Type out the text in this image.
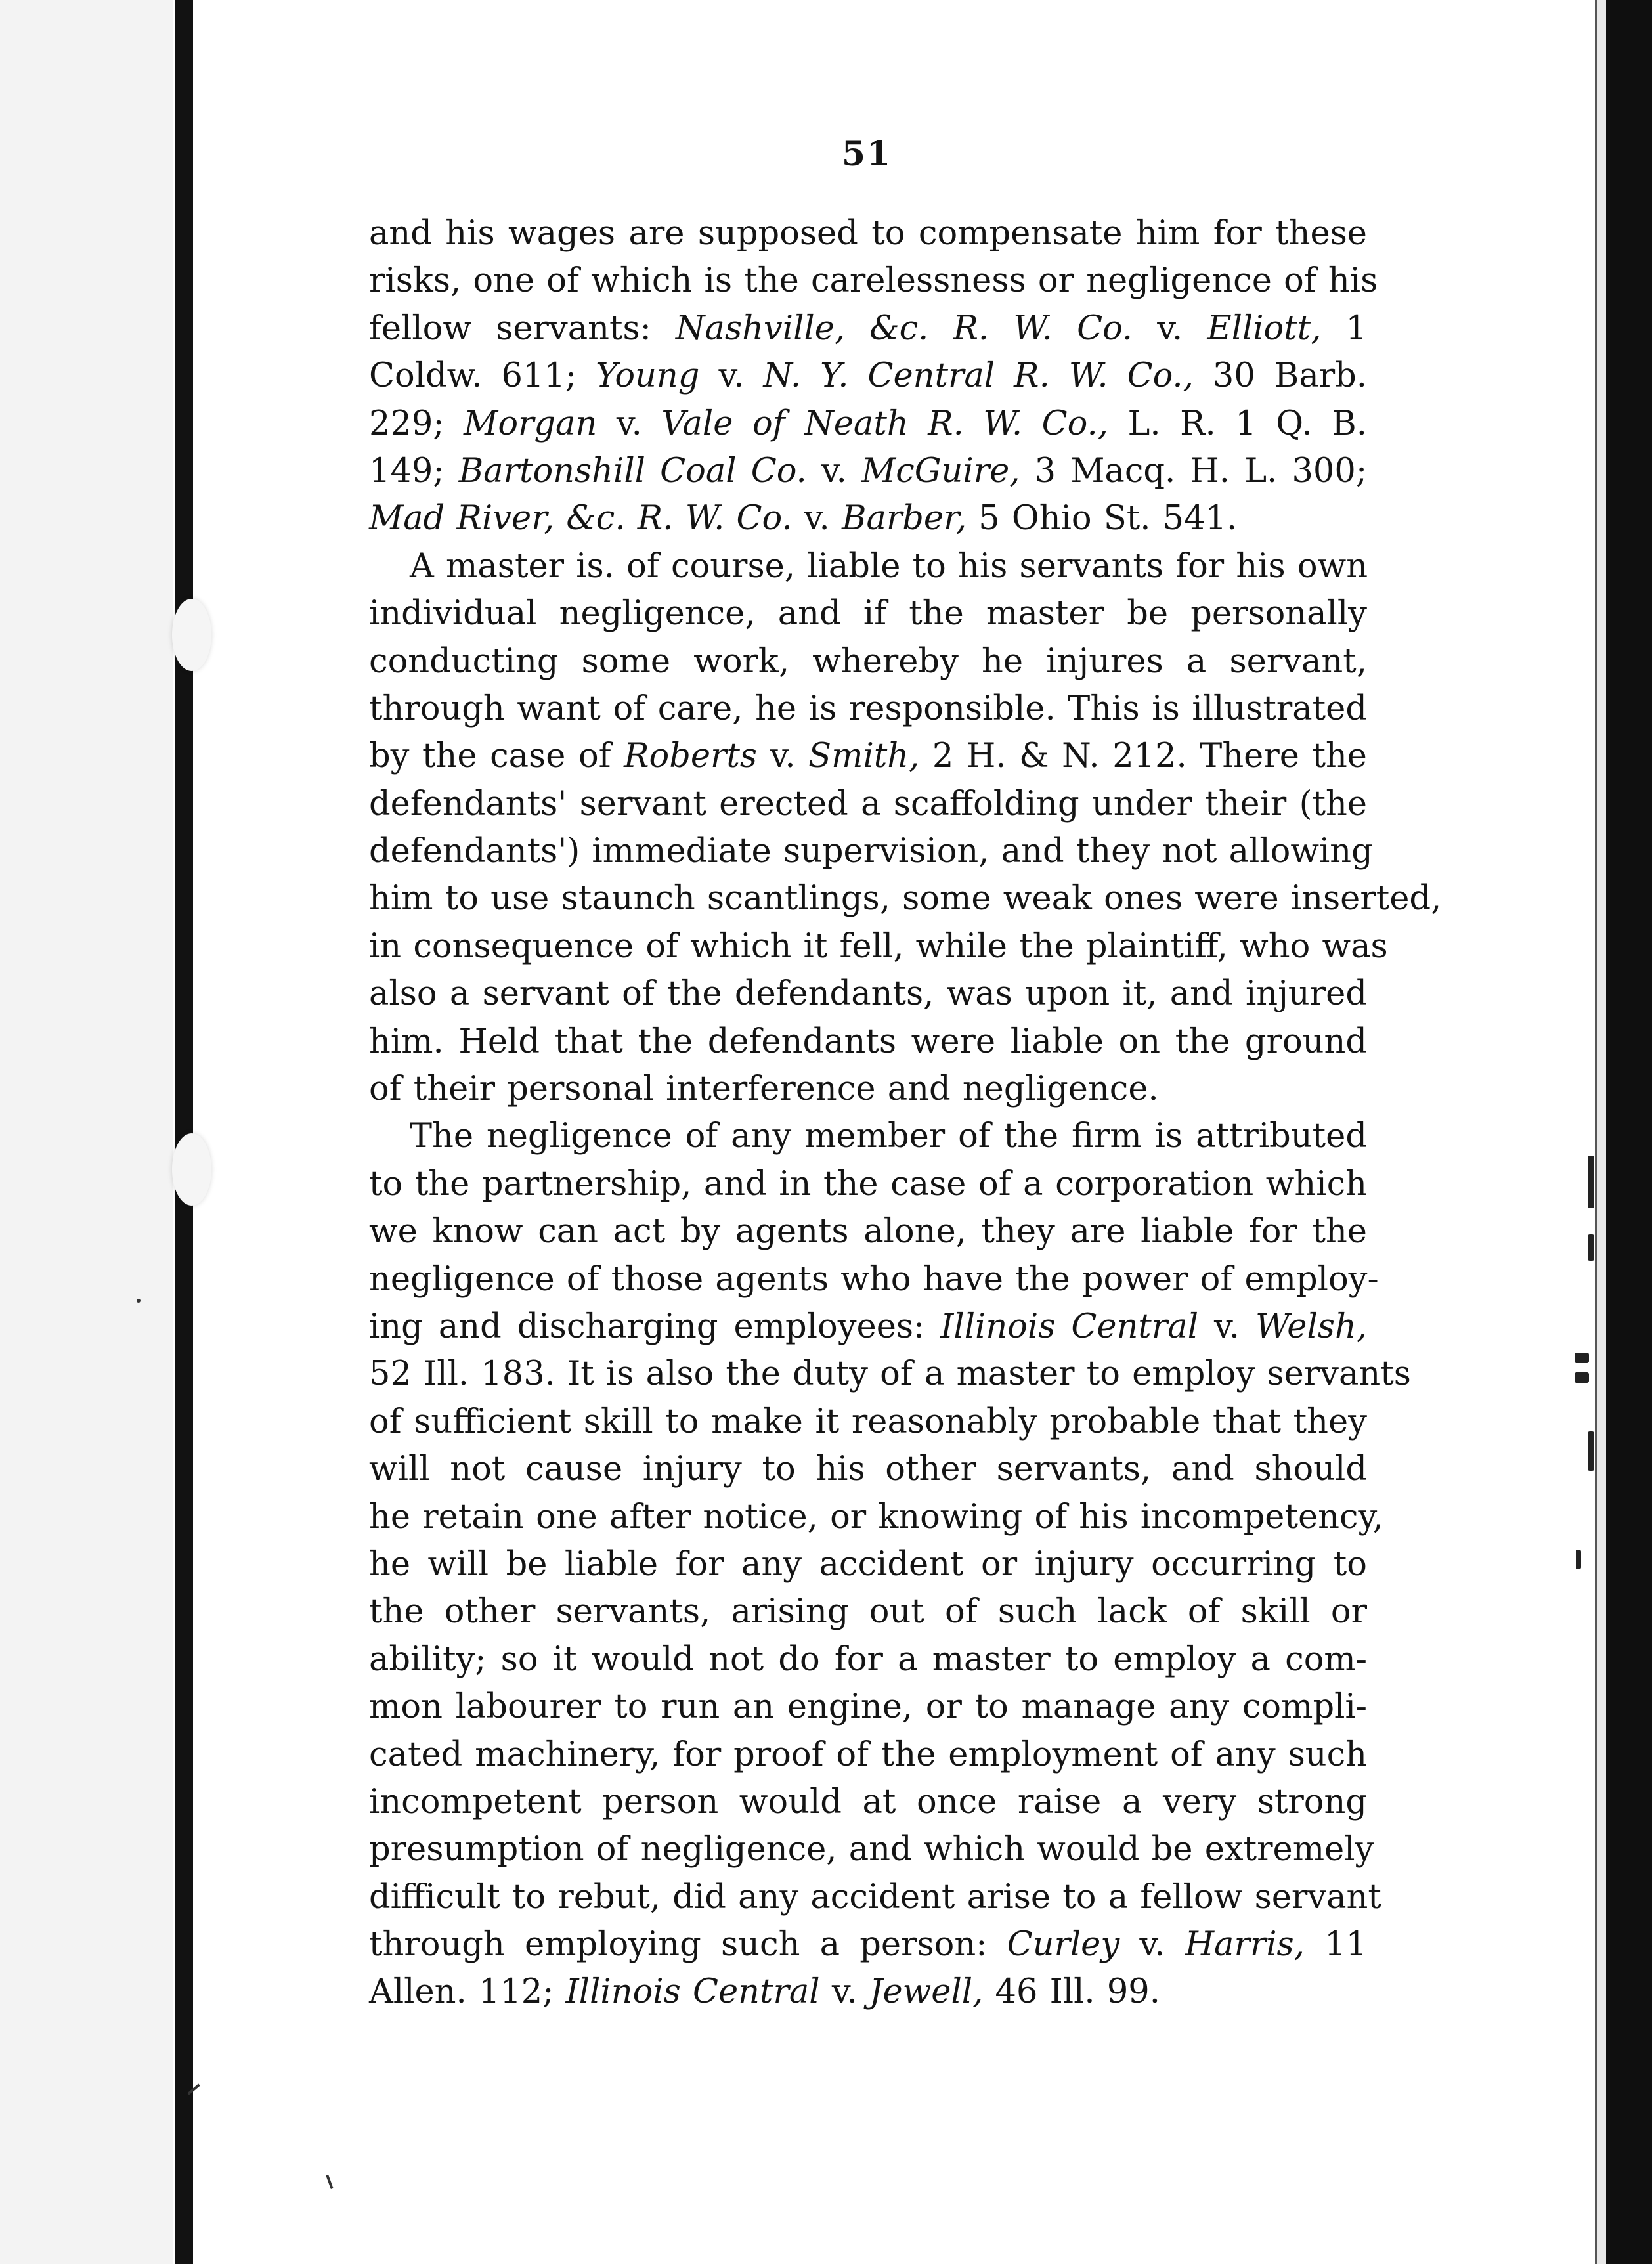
51
and his wages are supposed to compensate him for these
risks, one of which is the carelessness or negligence of his
fellow servants: Nashville, &c. R. W. Co. v. Elliott, 1
Coldw. 611; Young v. N. Y. Central R. W. Co., 30 Barb.
229; Morgan v. Vale of Neath R. W. Co., L. R. 1 Q. B.
149; Bartonshill Coal Co. v. McGuire, 3 Macq. H. L. 300;
Mad River, &c. R. W. Co. v. Barber, 5 Ohio St. 541.
A master is. of course, liable to his servants for his own
individual negligence, and if the master be personally
conducting some work, whereby he injures a servant,
through want of care, he is responsible. This is illustrated
by the case of Roberts v. Smith, 2 H. & N. 212. There the
defendants' servant erected a scaffolding under their (the
defendants') immediate supervision, and they not allowing
him to use staunch scantlings, some weak ones were inserted,
in consequence of which it fell, while the plaintiff, who was
also a servant of the defendants, was upon it, and injured
him. Held that the defendants were liable on the ground
of their personal interference and negligence.
The negligence of any member of the firm is attributed
to the partnership, and in the case of a corporation which
we know can act by agents alone, they are liable for the
negligence of those agents who have the power of employ-
ing and discharging employees: Illinois Central v. Welsh,
52 Ill. 183. It is also the duty of a master to employ servants
of sufficient skill to make it reasonably probable that they
will not cause injury to his other servants, and should
he retain one after notice, or knowing of his incompetency,
he will be liable for any accident or injury occurring to
the other servants, arising out of such lack of skill or
ability; so it would not do for a master to employ a com-
mon labourer to run an engine, or to manage any compli-
cated machinery, for proof of the employment of any such
incompetent person would at once raise a very strong
presumption of negligence, and which would be extremely
difficult to rebut, did any accident arise to a fellow servant
through employing such a person: Curley v. Harris, 11
Allen. 112; Illinois Central v. Jewell, 46 Ill. 99.
